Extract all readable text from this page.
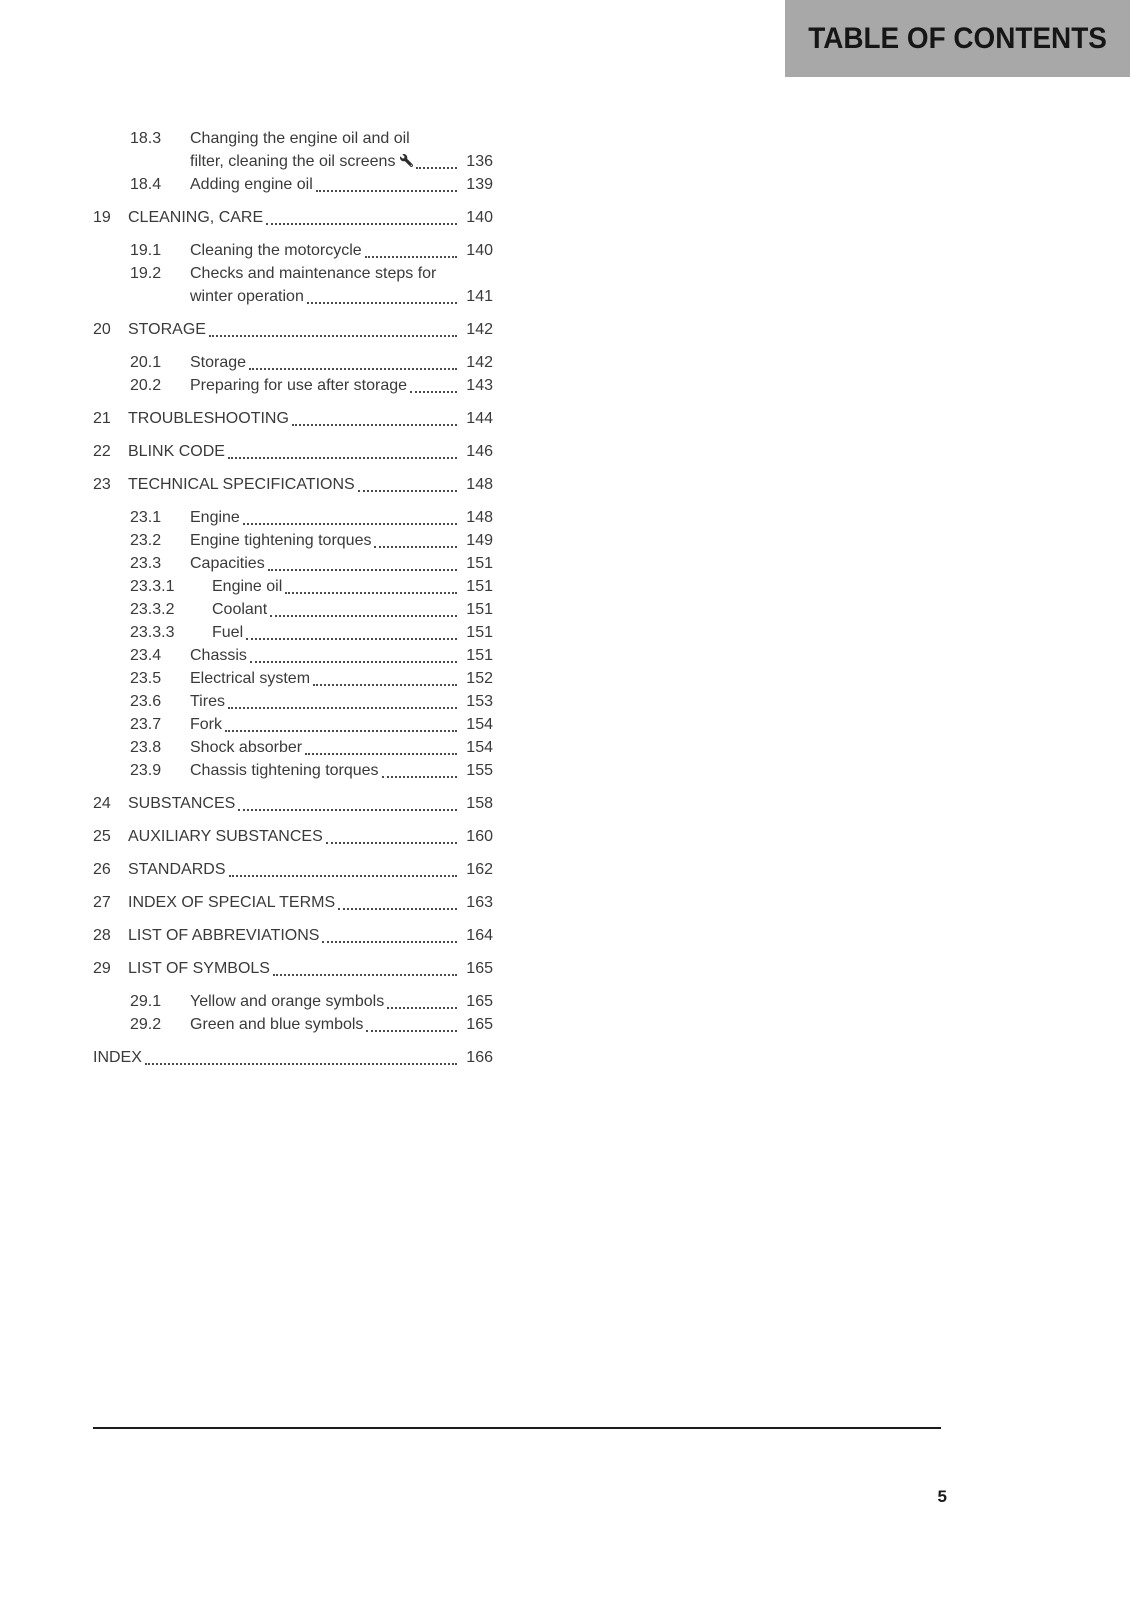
TABLE OF CONTENTS
18.3	Changing the engine oil and oil
filter, cleaning the oil screens	136
18.4	Adding engine oil	139
19	CLEANING, CARE	140
19.1	Cleaning the motorcycle	140
19.2	Checks and maintenance steps for
winter operation	141
20	STORAGE	142
20.1	Storage	142
20.2	Preparing for use after storage	143
21	TROUBLESHOOTING	144
22	BLINK CODE	146
23	TECHNICAL SPECIFICATIONS	148
23.1	Engine	148
23.2	Engine tightening torques	149
23.3	Capacities	151
23.3.1	Engine oil	151
23.3.2	Coolant	151
23.3.3	Fuel	151
23.4	Chassis	151
23.5	Electrical system	152
23.6	Tires	153
23.7	Fork	154
23.8	Shock absorber	154
23.9	Chassis tightening torques	155
24	SUBSTANCES	158
25	AUXILIARY SUBSTANCES	160
26	STANDARDS	162
27	INDEX OF SPECIAL TERMS	163
28	LIST OF ABBREVIATIONS	164
29	LIST OF SYMBOLS	165
29.1	Yellow and orange symbols	165
29.2	Green and blue symbols	165
INDEX	166
5
